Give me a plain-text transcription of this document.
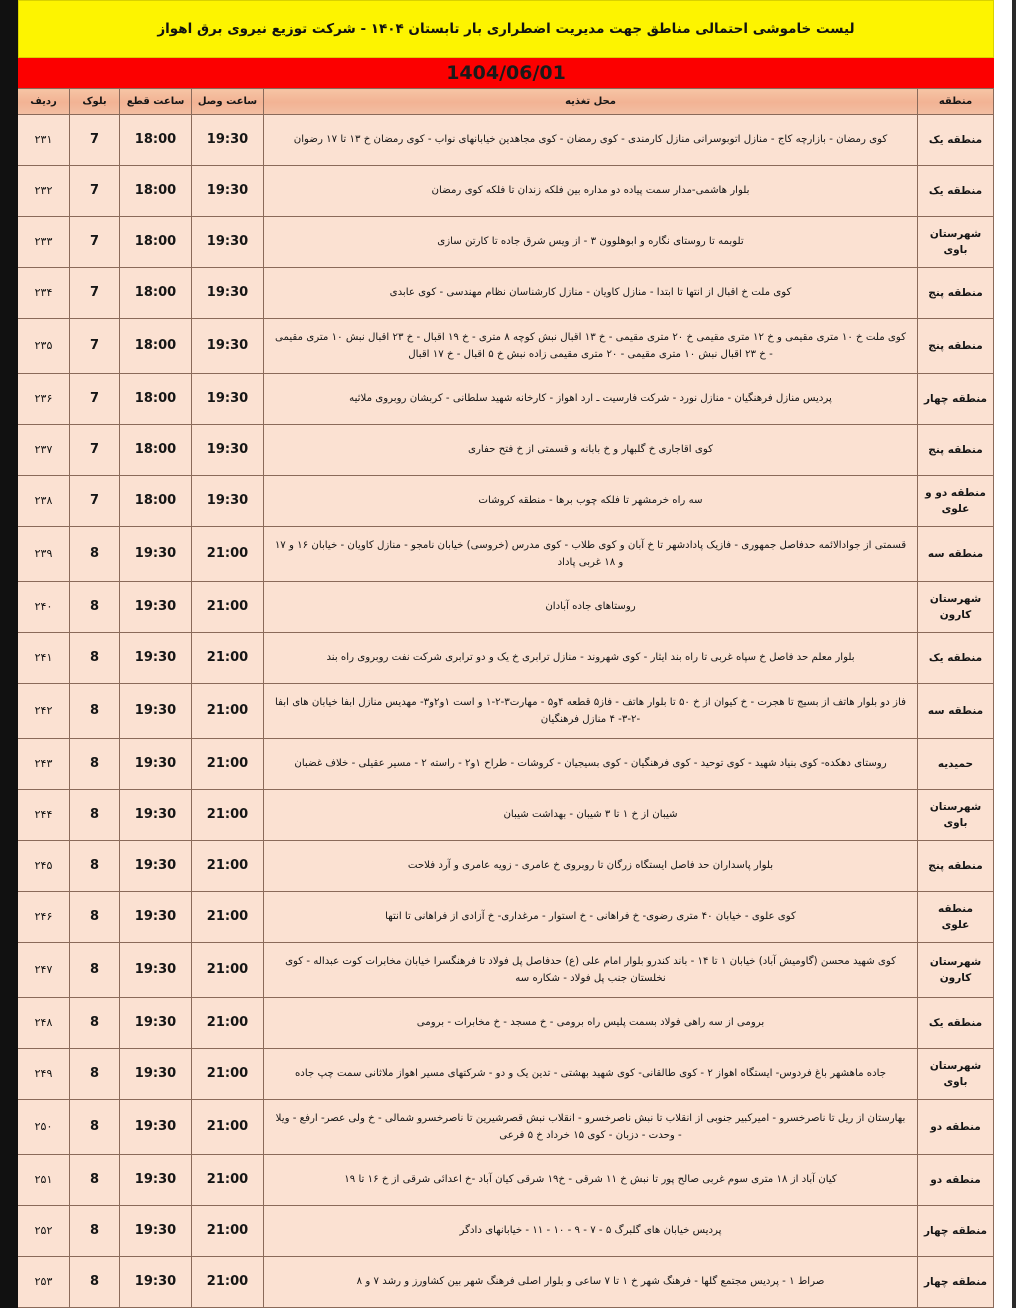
لیست خاموشی احتمالی مناطق جهت مدیریت اضطراری بار تابستان ۱۴۰۴ - شرکت توزیع نیروی برق اهواز
1404/06/01
منطقه	محل تغذیه	ساعت وصل	ساعت قطع	بلوک	ردیف
منطقه یک	کوی رمضان - بازارچه کاج - منازل اتوبوسرانی منازل کارمندی - کوی رمضان - کوی مجاهدین خیابانهای نواب - کوی رمضان خ ۱۳ تا ۱۷ رضوان	19:30	18:00	7	۲۳۱
منطقه یک	بلوار هاشمی-مدار سمت پیاده دو مداره بین فلکه زندان تا فلکه کوی رمضان	19:30	18:00	7	۲۳۲
شهرستان باوی	تلوبمه تا روستای نگاره و ابوهلوون ۳ - از ویس شرق جاده تا کارتن سازی	19:30	18:00	7	۲۳۳
منطقه پنج	کوی ملت خ اقبال از انتها تا ابتدا - منازل کاویان - منازل کارشناسان نظام مهندسی - کوی عابدی	19:30	18:00	7	۲۳۴
منطقه پنج	کوی ملت خ ۱۰ متری مقیمی و خ ۱۲ متری مقیمی خ ۲۰ متری مقیمی - خ ۱۳ اقبال نبش کوچه ۸ متری - خ ۱۹ اقبال - خ ۲۳ اقبال نبش ۱۰ متری مقیمی - خ ۲۳ اقبال نبش ۱۰ متری مقیمی - ۲۰ متری مقیمی زاده نبش خ ۵ اقبال - خ ۱۷ اقبال	19:30	18:00	7	۲۳۵
منطقه چهار	پردیس منازل فرهنگیان - منازل نورد - شرکت فارسیت ـ ارد اهواز - کارخانه شهید سلطانی - کربشان روبروی ملاثیه	19:30	18:00	7	۲۳۶
منطقه پنج	کوی اقاجاری خ گلبهار و خ بابانه و قسمتی از خ فتح حفاری	19:30	18:00	7	۲۳۷
منطقه دو و علوی	سه راه خرمشهر تا فلکه چوب برها - منطقه کروشات	19:30	18:00	7	۲۳۸
منطقه سه	قسمتی از جوادالائمه حدفاصل جمهوری - فازیک پادادشهر تا خ آبان و کوی طلاب - کوی مدرس (خروسی) خیابان نامجو - منازل کاویان - خیابان ۱۶ و ۱۷ و ۱۸ غربی پاداد	21:00	19:30	8	۲۳۹
شهرستان کارون	روستاهای جاده آبادان	21:00	19:30	8	۲۴۰
منطقه یک	بلوار معلم حد فاصل خ سپاه غربی تا راه بند ایثار - کوی شهروند - منازل ترابری خ یک و دو ترابری شرکت نفت روبروی راه بند	21:00	19:30	8	۲۴۱
منطقه سه	فاز دو بلوار هاتف از بسیج تا هجرت - خ کیوان از خ ۵۰ تا بلوار هاتف - فاز۵ قطعه ۴و۵ - مهارت۳-۲-۱ و است ۱و۲و۳- مهدیس منازل ابفا خیابان های ابفا -۲-۳- ۴ منازل فرهنگیان	21:00	19:30	8	۲۴۲
حمیدیه	روستای دهکده- کوی بنیاد شهید - کوی توحید - کوی فرهنگیان - کوی بسیجیان - کروشات - طراح ۱و۲ - راسته ۲ - مسیر عقیلی - خلاف غضبان	21:00	19:30	8	۲۴۳
شهرستان باوی	شیبان از خ ۱ تا ۳ شیبان - بهداشت شیبان	21:00	19:30	8	۲۴۴
منطقه پنج	بلوار پاسداران حد فاصل ایستگاه زرگان تا روبروی خ عامری - زویه عامری و آرد فلاحت	21:00	19:30	8	۲۴۵
منطقه علوی	کوی علوی - خیابان ۴۰ متری رضوی- خ فراهانی - خ استوار - مرغداری- خ آزادی از فراهانی تا انتها	21:00	19:30	8	۲۴۶
شهرستان کارون	کوی شهید محسن (گاومیش آباد) خیابان ۱ تا ۱۴ - باند کندرو بلوار امام علی (ع) حدفاصل پل فولاد تا فرهنگسرا خیابان مخابرات کوت عبداله - کوی نخلستان جنب پل فولاد - شکاره سه	21:00	19:30	8	۲۴۷
منطقه یک	برومی از سه راهی فولاد بسمت پلیس راه برومی - خ مسجد - خ مخابرات - برومی	21:00	19:30	8	۲۴۸
شهرستان باوی	جاده ماهشهر باغ فردوس- ایستگاه اهواز ۲ - کوی طالقانی- کوی شهید بهشتی - تدین یک و دو - شرکتهای مسیر اهواز ملاثانی سمت چپ جاده	21:00	19:30	8	۲۴۹
منطقه دو	بهارستان از ریل تا ناصرخسرو - امیرکبیر جنوبی از انقلاب تا نبش ناصرخسرو - انقلاب نبش قصرشیرین تا ناصرخسرو شمالی - خ ولی عصر- ارفع - ویلا - وحدت - دزبان - کوی ۱۵ خرداد خ ۵ فرعی	21:00	19:30	8	۲۵۰
منطقه دو	کیان آباد از ۱۸ متری سوم غربی صالح پور تا نبش خ ۱۱ شرقی - خ۱۹ شرقی کیان آباد -خ اعدائی شرقی از خ ۱۶ تا ۱۹	21:00	19:30	8	۲۵۱
منطقه چهار	پردیس خیابان های گلبرگ ۵ - ۷ - ۹ - ۱۰ - ۱۱ - خیابانهای دادگر	21:00	19:30	8	۲۵۲
منطقه چهار	صراط ۱ - پردیس مجتمع گلها - فرهنگ شهر خ ۱ تا ۷ ساعی و بلوار اصلی فرهنگ شهر بین کشاورز و رشد ۷ و ۸	21:00	19:30	8	۲۵۳
